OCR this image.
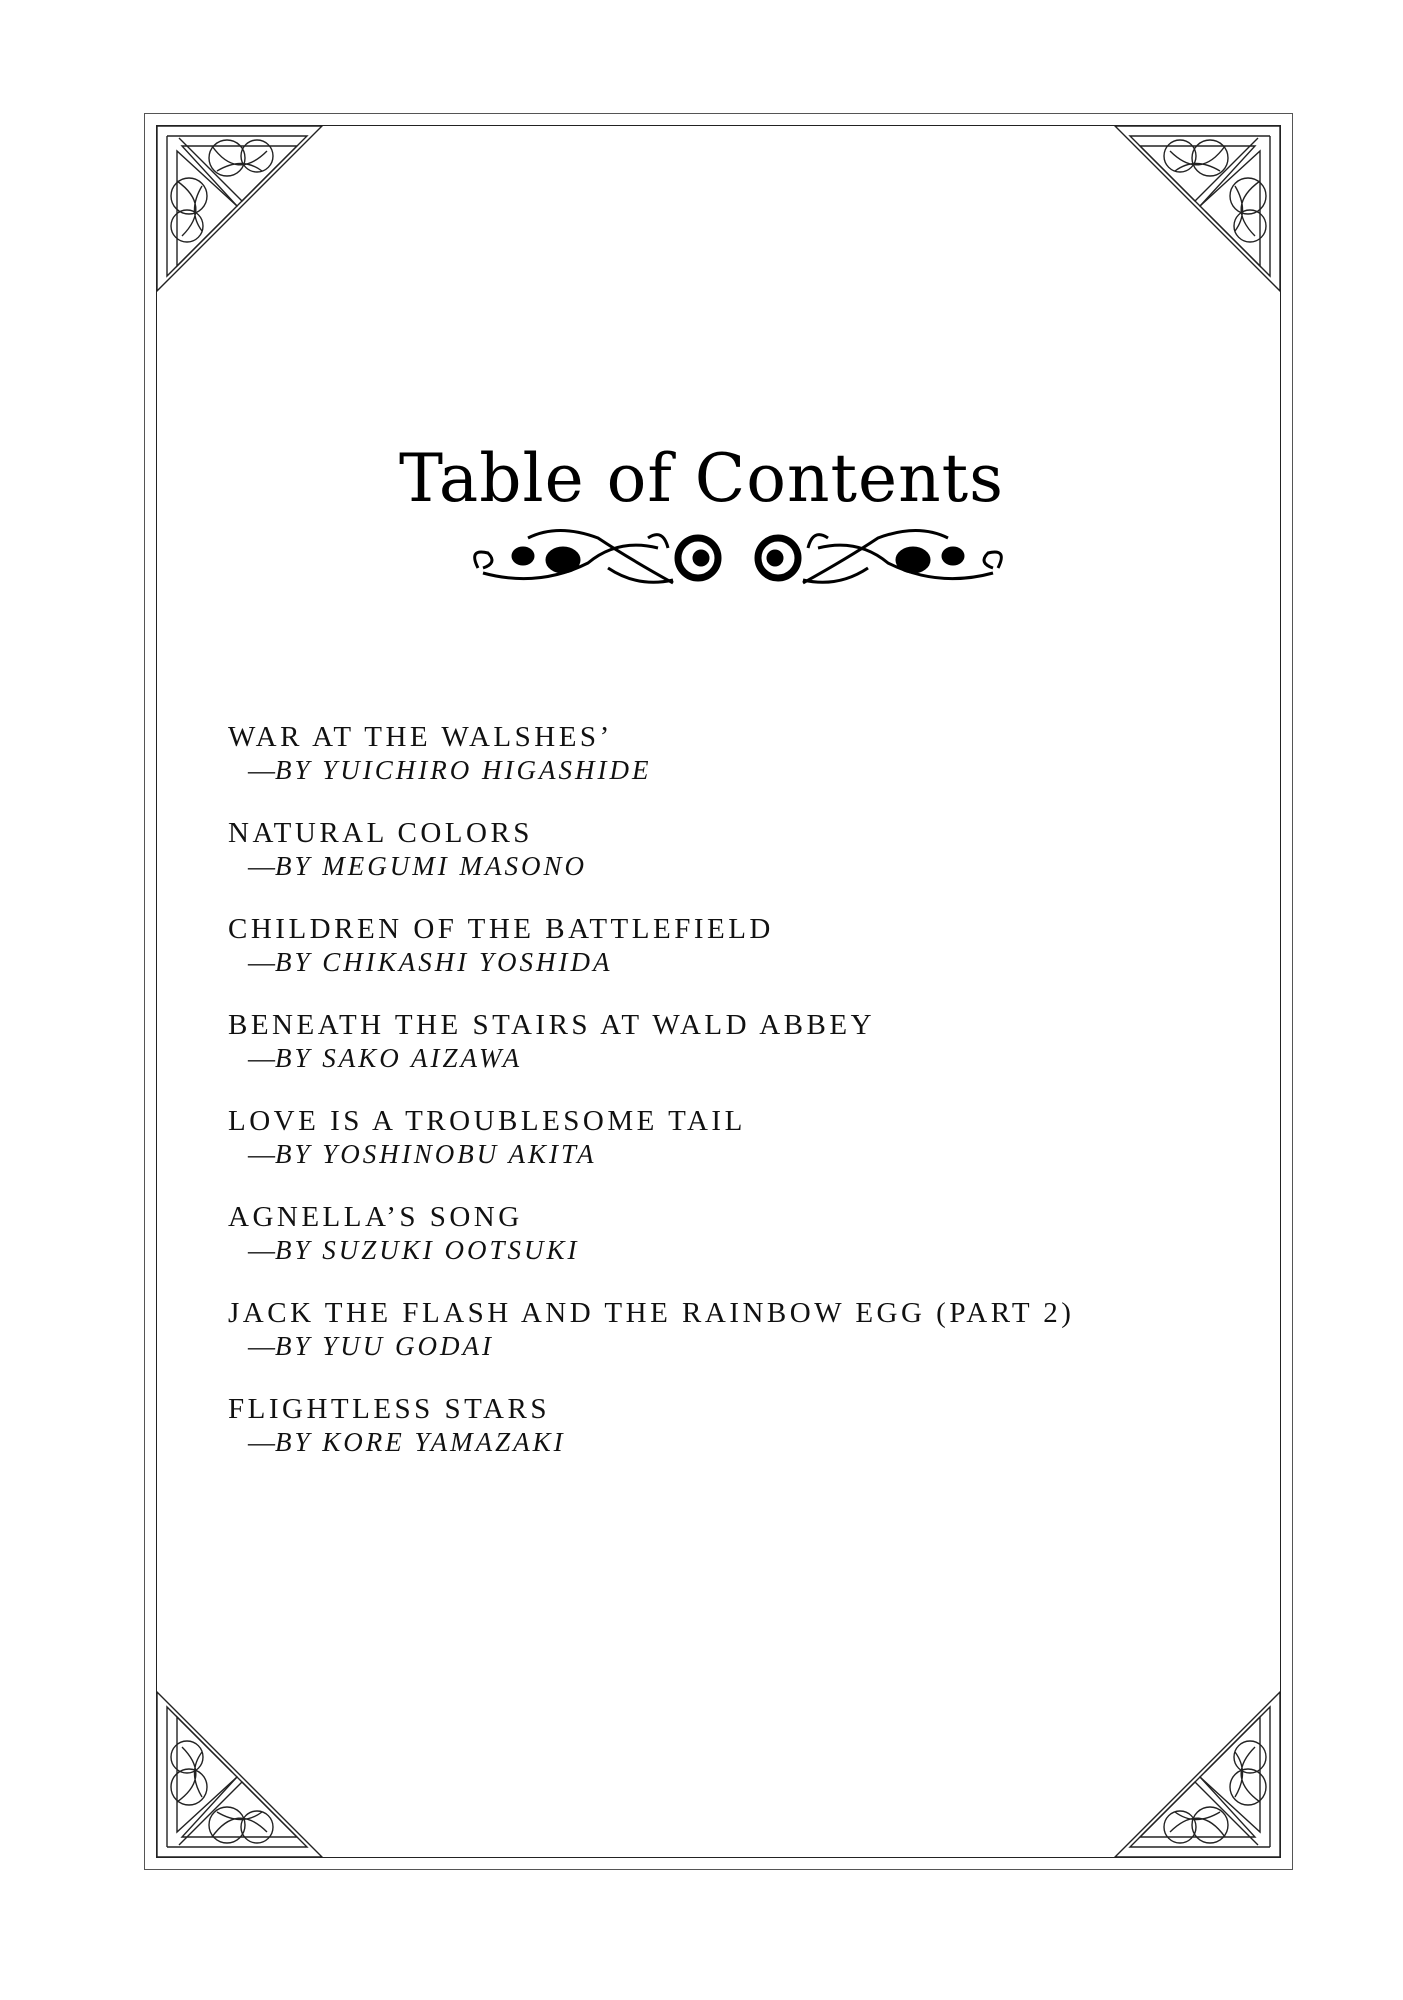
Table of Contents
WAR AT THE WALSHES’
—BY YUICHIRO HIGASHIDE
NATURAL COLORS
—BY MEGUMI MASONO
CHILDREN OF THE BATTLEFIELD
—BY CHIKASHI YOSHIDA
BENEATH THE STAIRS AT WALD ABBEY
—BY SAKO AIZAWA
LOVE IS A TROUBLESOME TAIL
—BY YOSHINOBU AKITA
AGNELLA’S SONG
—BY SUZUKI OOTSUKI
JACK THE FLASH AND THE RAINBOW EGG (PART 2)
—BY YUU GODAI
FLIGHTLESS STARS
—BY KORE YAMAZAKI
